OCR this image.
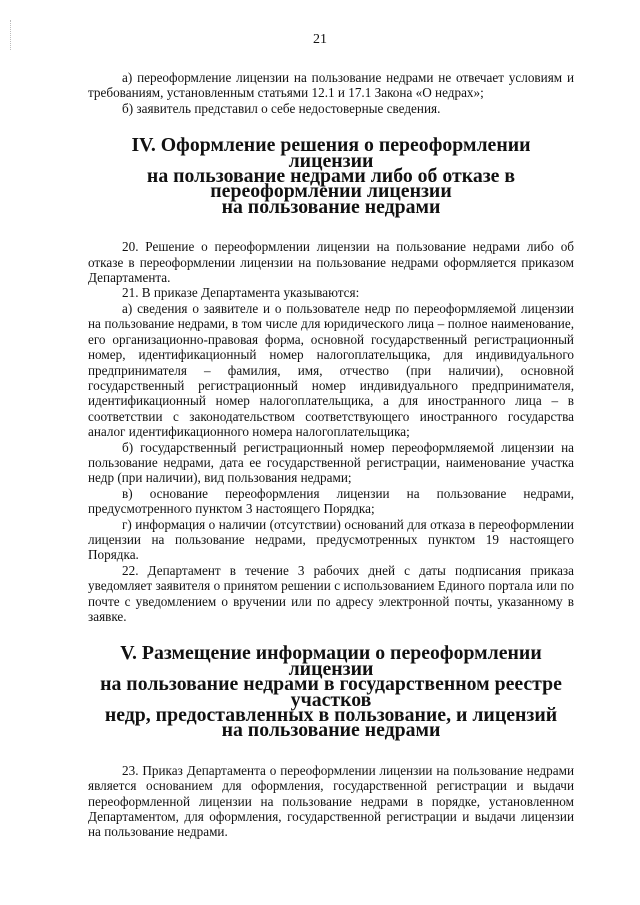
21

а) переоформление лицензии на пользование недрами не отвечает условиям и требованиям, установленным статьями 12.1 и 17.1 Закона «О недрах»;

б) заявитель представил о себе недостоверные сведения.

IV. Оформление решения о переоформлении лицензии
на пользование недрами либо об отказе в переоформлении лицензии
на пользование недрами

20. Решение о переоформлении лицензии на пользование недрами либо об отказе в переоформлении лицензии на пользование недрами оформляется приказом Департамента.

21. В приказе Департамента указываются:

а) сведения о заявителе и о пользователе недр по переоформляемой лицензии на пользование недрами, в том числе для юридического лица – полное наименование, его организационно-правовая форма, основной государственный регистрационный номер, идентификационный номер налогоплательщика, для индивидуального предпринимателя – фамилия, имя, отчество (при наличии), основной государственный регистрационный номер индивидуального предпринимателя, идентификационный номер налогоплательщика, а для иностранного лица – в соответствии с законодательством соответствующего иностранного государства аналог идентификационного номера налогоплательщика;

б) государственный регистрационный номер переоформляемой лицензии на пользование недрами, дата ее государственной регистрации, наименование участка недр (при наличии), вид пользования недрами;

в) основание переоформления лицензии на пользование недрами, предусмотренного пунктом 3 настоящего Порядка;

г) информация о наличии (отсутствии) оснований для отказа в переоформлении лицензии на пользование недрами, предусмотренных пунктом 19 настоящего Порядка.

22. Департамент в течение 3 рабочих дней с даты подписания приказа уведомляет заявителя о принятом решении с использованием Единого портала или по почте с уведомлением о вручении или по адресу электронной почты, указанному в заявке.

V. Размещение информации о переоформлении лицензии
на пользование недрами в государственном реестре участков
недр, предоставленных в пользование, и лицензий
на пользование недрами

23. Приказ Департамента о переоформлении лицензии на пользование недрами является основанием для оформления, государственной регистрации и выдачи переоформленной лицензии на пользование недрами в порядке, установленном Департаментом, для оформления, государственной регистрации и выдачи лицензии на пользование недрами.
